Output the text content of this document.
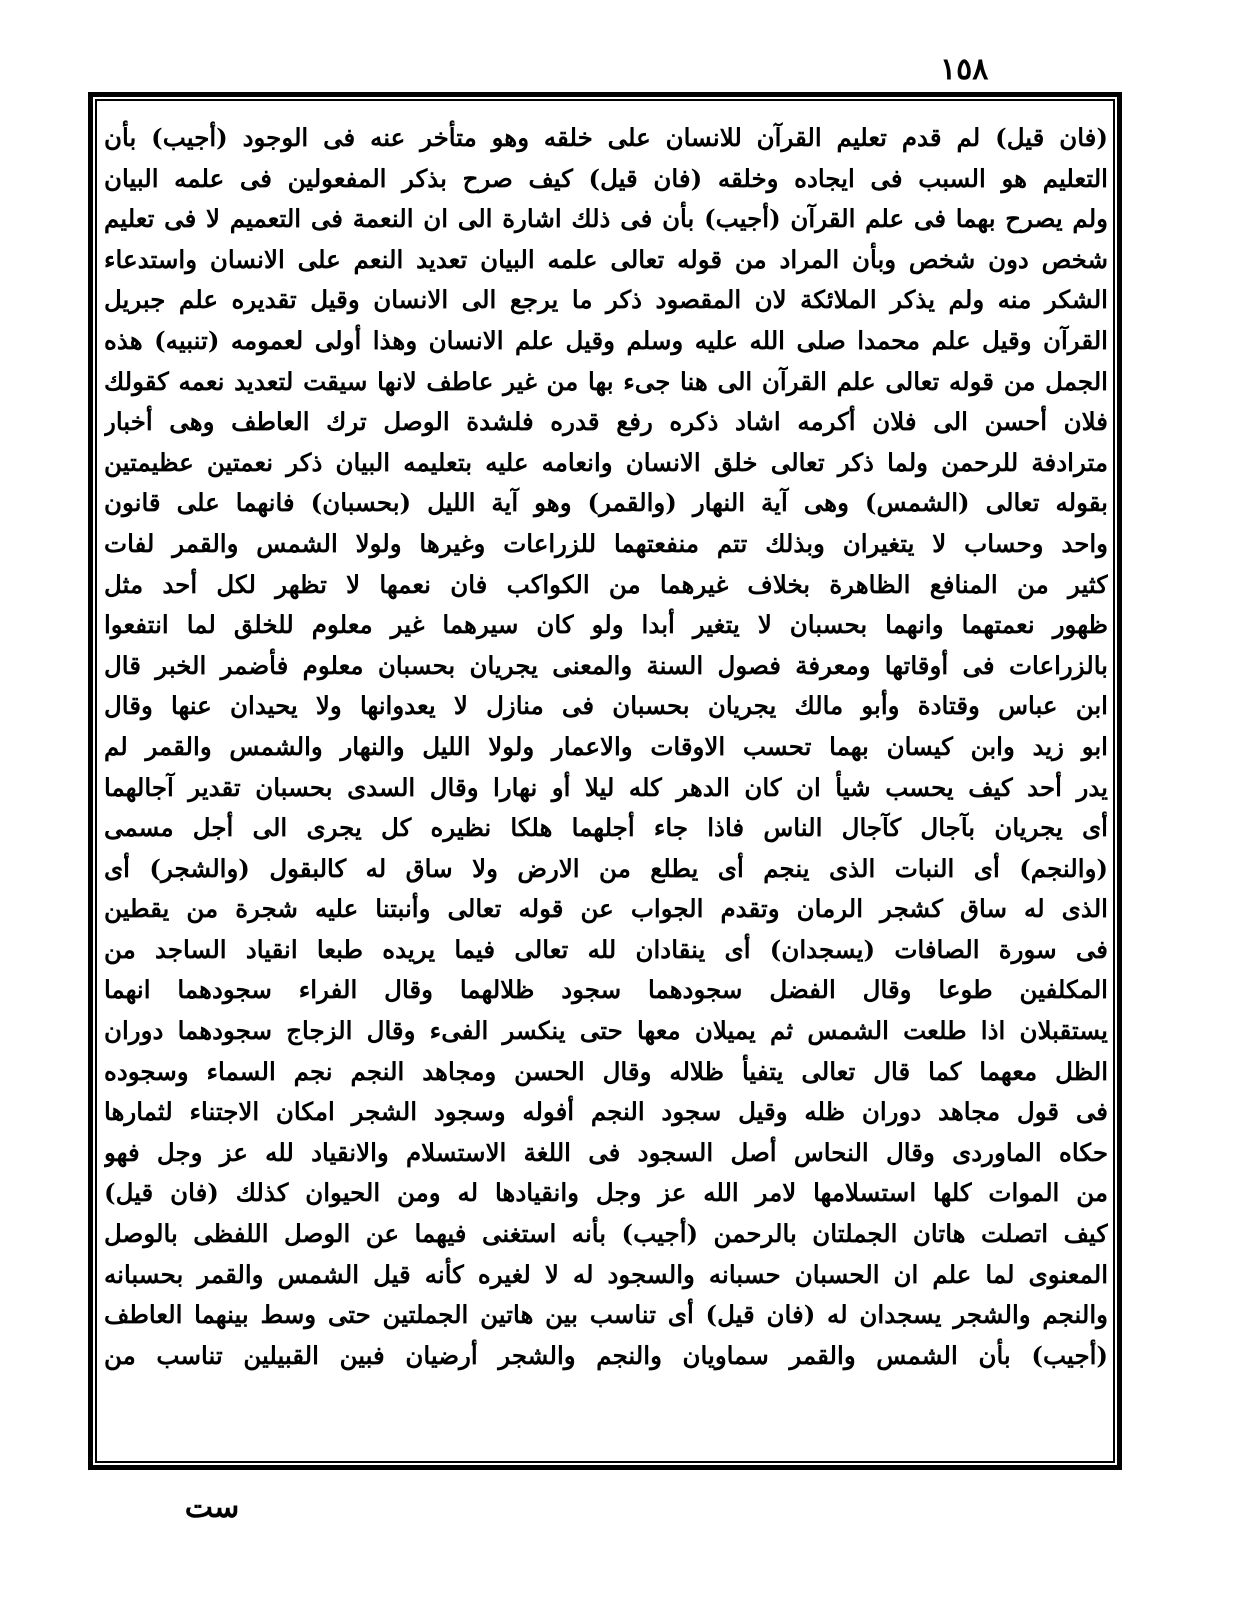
١٥٨
(فان قيل) لم قدم تعليم القرآن للانسان على خلقه وهو متأخر عنه فى الوجود (أجيب) بأن
التعليم هو السبب فى ايجاده وخلقه (فان قيل) كيف صرح بذكر المفعولين فى علمه البيان
ولم يصرح بهما فى علم القرآن (أجيب) بأن فى ذلك اشارة الى ان النعمة فى التعميم لا فى تعليم
شخص دون شخص وبأن المراد من قوله تعالى علمه البيان تعديد النعم على الانسان واستدعاء
الشكر منه ولم يذكر الملائكة لان المقصود ذكر ما يرجع الى الانسان وقيل تقديره علم جبريل
القرآن وقيل علم محمدا صلى الله عليه وسلم وقيل علم الانسان وهذا أولى لعمومه (تنبيه) هذه
الجمل من قوله تعالى علم القرآن الى هنا جىء بها من غير عاطف لانها سيقت لتعديد نعمه كقولك
فلان أحسن الى فلان أكرمه اشاد ذكره رفع قدره فلشدة الوصل ترك العاطف وهى أخبار
مترادفة للرحمن ولما ذكر تعالى خلق الانسان وانعامه عليه بتعليمه البيان ذكر نعمتين عظيمتين
بقوله تعالى (الشمس) وهى آية النهار (والقمر) وهو آية الليل (بحسبان) فانهما على قانون
واحد وحساب لا يتغيران وبذلك تتم منفعتهما للزراعات وغيرها ولولا الشمس والقمر لفات
كثير من المنافع الظاهرة بخلاف غيرهما من الكواكب فان نعمها لا تظهر لكل أحد مثل
ظهور نعمتهما وانهما بحسبان لا يتغير أبدا ولو كان سيرهما غير معلوم للخلق لما انتفعوا
بالزراعات فى أوقاتها ومعرفة فصول السنة والمعنى يجريان بحسبان معلوم فأضمر الخبر قال
ابن عباس وقتادة وأبو مالك يجريان بحسبان فى منازل لا يعدوانها ولا يحيدان عنها وقال
ابو زيد وابن كيسان بهما تحسب الاوقات والاعمار ولولا الليل والنهار والشمس والقمر لم
يدر أحد كيف يحسب شيأ ان كان الدهر كله ليلا أو نهارا وقال السدى بحسبان تقدير آجالهما
أى يجريان بآجال كآجال الناس فاذا جاء أجلهما هلكا نظيره كل يجرى الى أجل مسمى
(والنجم) أى النبات الذى ينجم أى يطلع من الارض ولا ساق له كالبقول (والشجر) أى
الذى له ساق كشجر الرمان وتقدم الجواب عن قوله تعالى وأنبتنا عليه شجرة من يقطين
فى سورة الصافات (يسجدان) أى ينقادان لله تعالى فيما يريده طبعا انقياد الساجد من
المكلفين طوعا وقال الفضل سجودهما سجود ظلالهما وقال الفراء سجودهما انهما
يستقبلان اذا طلعت الشمس ثم يميلان معها حتى ينكسر الفىء وقال الزجاج سجودهما دوران
الظل معهما كما قال تعالى يتفيأ ظلاله وقال الحسن ومجاهد النجم نجم السماء وسجوده
فى قول مجاهد دوران ظله وقيل سجود النجم أفوله وسجود الشجر امكان الاجتناء لثمارها
حكاه الماوردى وقال النحاس أصل السجود فى اللغة الاستسلام والانقياد لله عز وجل فهو
من الموات كلها استسلامها لامر الله عز وجل وانقيادها له ومن الحيوان كذلك (فان قيل)
كيف اتصلت هاتان الجملتان بالرحمن (أجيب) بأنه استغنى فيهما عن الوصل اللفظى بالوصل
المعنوى لما علم ان الحسبان حسبانه والسجود له لا لغيره كأنه قيل الشمس والقمر بحسبانه
والنجم والشجر يسجدان له (فان قيل) أى تناسب بين هاتين الجملتين حتى وسط بينهما العاطف
(أجيب) بأن الشمس والقمر سماويان والنجم والشجر أرضيان فبين القبيلين تناسب من
ست
